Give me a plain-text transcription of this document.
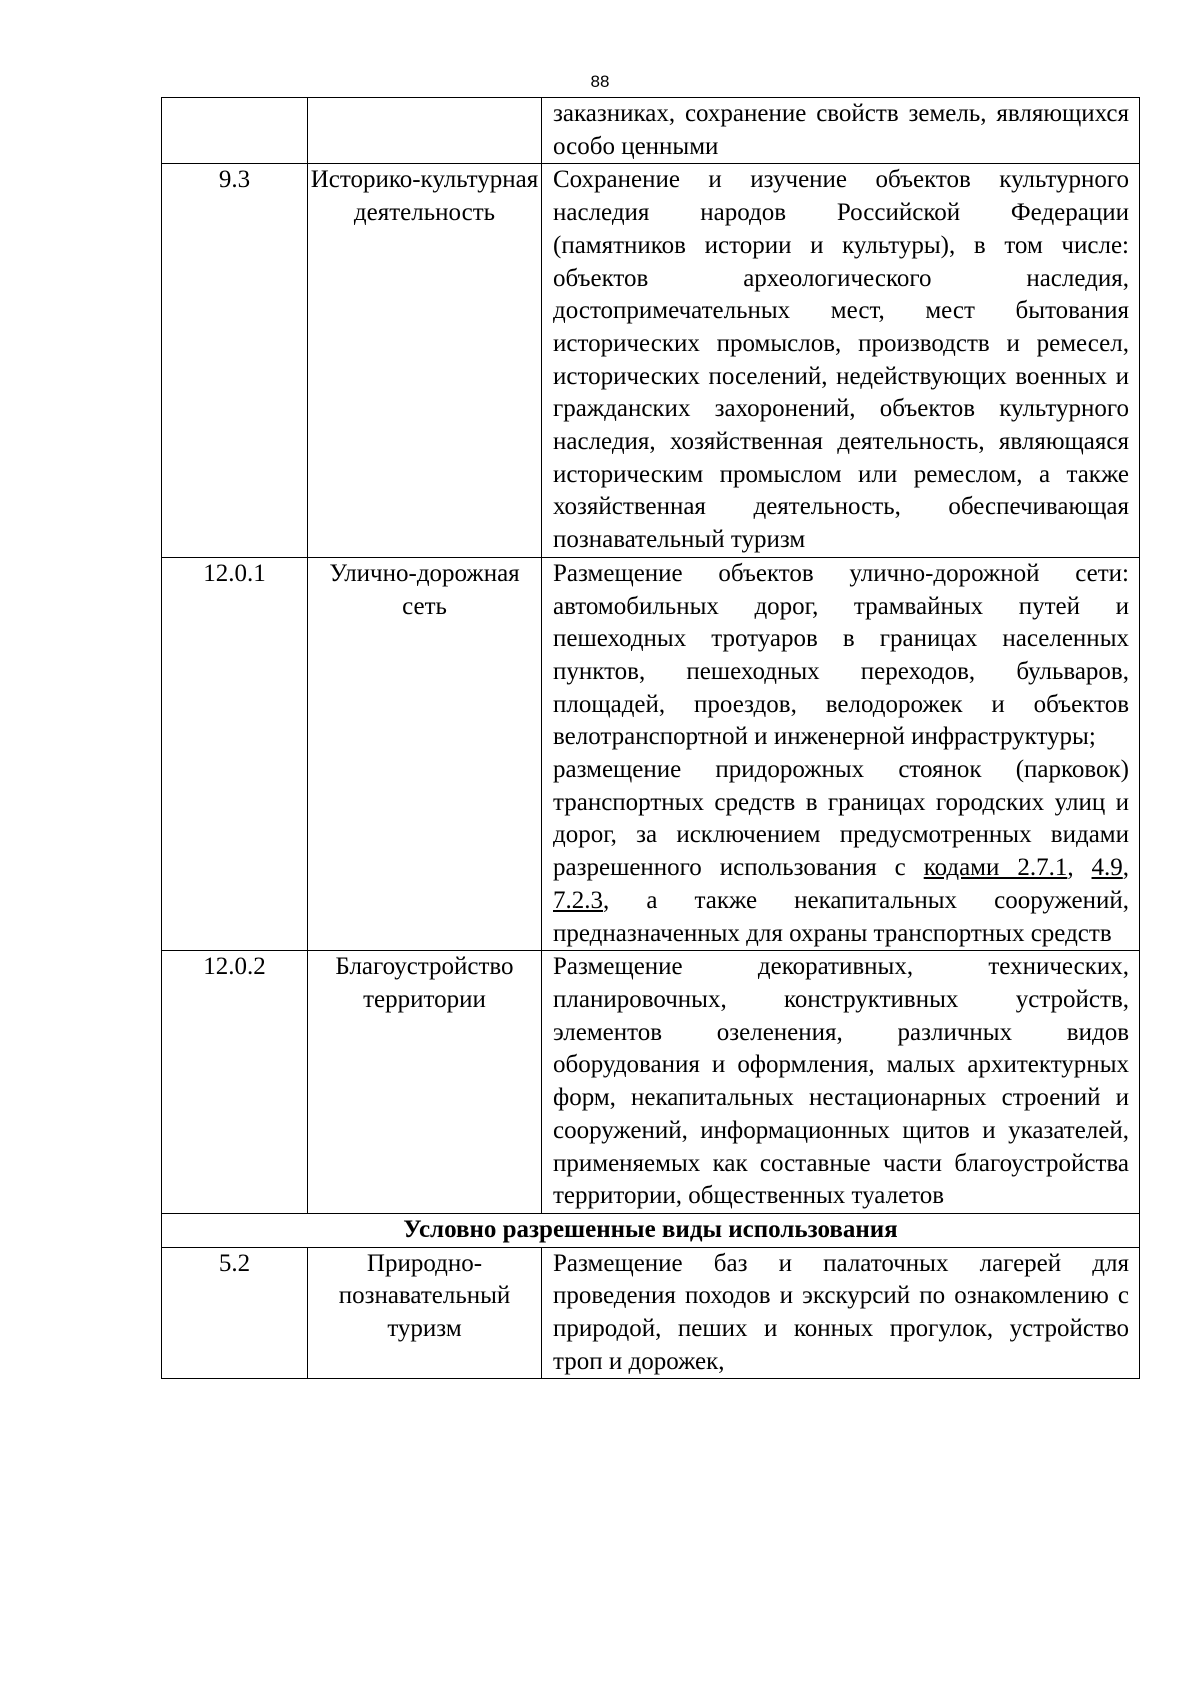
88

		заказниках, сохранение свойств земель, являющихся особо ценными

9.3	Историко-культурная деятельность	Сохранение и изучение объектов культурного наследия народов Российской Федерации (памятников истории и культуры), в том числе: объектов археологического наследия, достопримечательных мест, мест бытования исторических промыслов, производств и ремесел, исторических поселений, недействующих военных и гражданских захоронений, объектов культурного наследия, хозяйственная деятельность, являющаяся историческим промыслом или ремеслом, а также хозяйственная деятельность, обеспечивающая познавательный туризм

12.0.1	Улично-дорожная сеть	Размещение объектов улично-дорожной сети: автомобильных дорог, трамвайных путей и пешеходных тротуаров в границах населенных пунктов, пешеходных переходов, бульваров, площадей, проездов, велодорожек и объектов велотранспортной и инженерной инфраструктуры;
размещение придорожных стоянок (парковок) транспортных средств в границах городских улиц и дорог, за исключением предусмотренных видами разрешенного использования с кодами 2.7.1, 4.9, 7.2.3, а также некапитальных сооружений, предназначенных для охраны транспортных средств

12.0.2	Благоустройство территории	Размещение декоративных, технических, планировочных, конструктивных устройств, элементов озеленения, различных видов оборудования и оформления, малых архитектурных форм, некапитальных нестационарных строений и сооружений, информационных щитов и указателей, применяемых как составные части благоустройства территории, общественных туалетов

Условно разрешенные виды использования		

5.2	Природно-познавательный туризм	Размещение баз и палаточных лагерей для проведения походов и экскурсий по ознакомлению с природой, пеших и конных прогулок, устройство троп и дорожек,
